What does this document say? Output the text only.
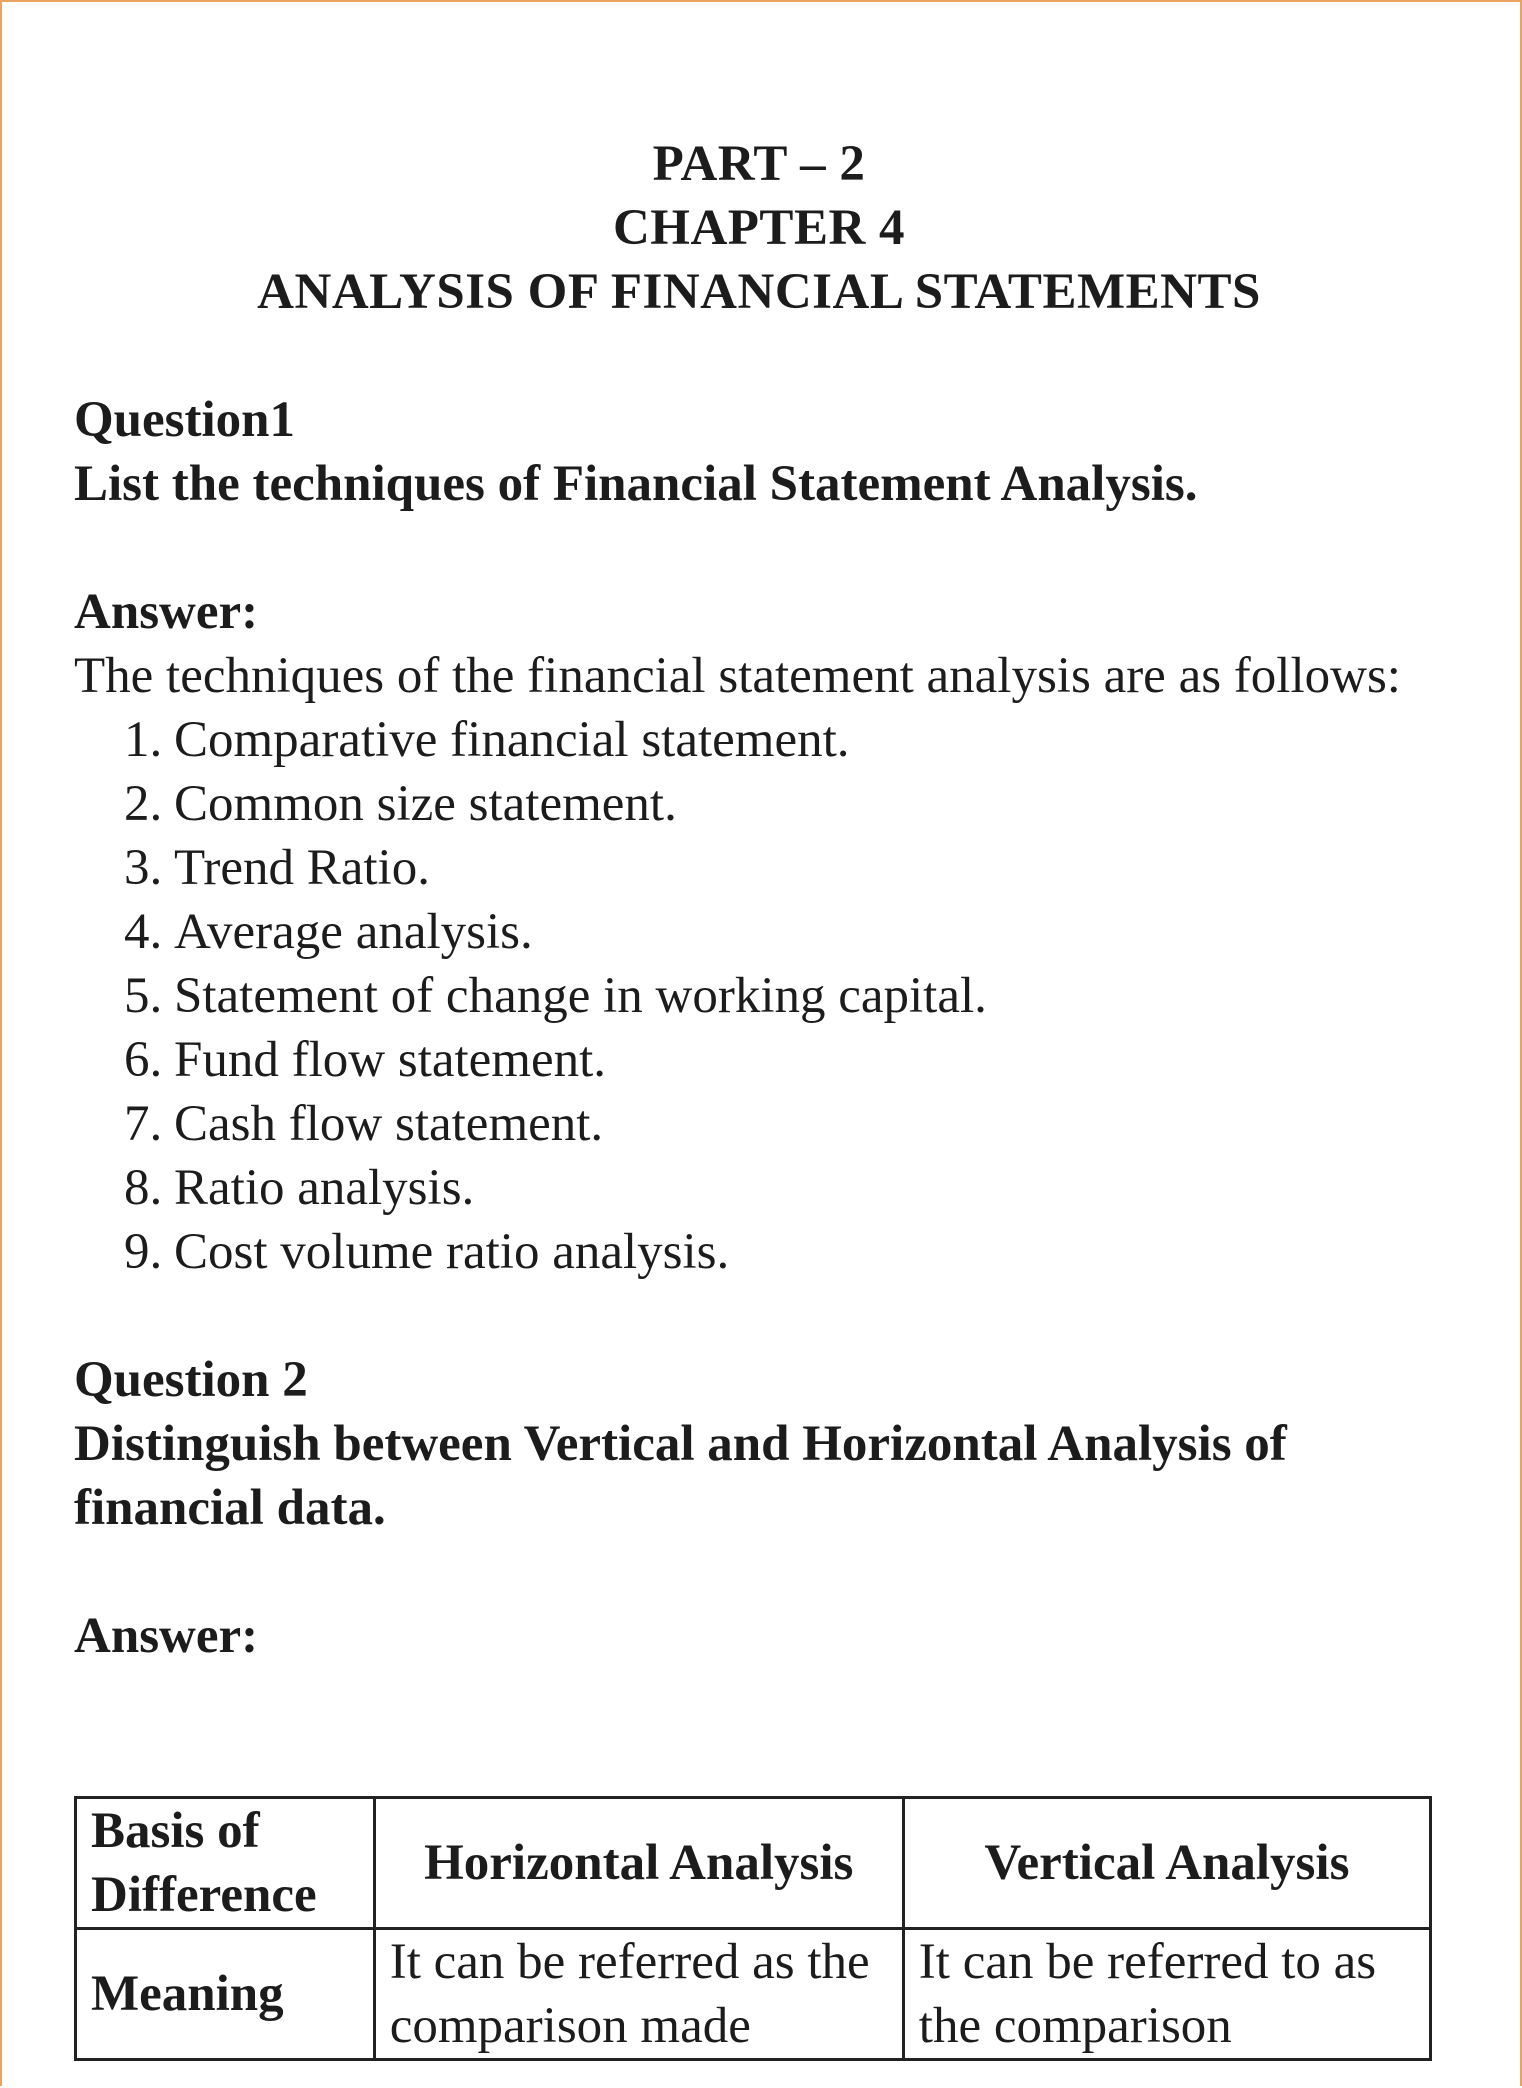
PART – 2
CHAPTER 4
ANALYSIS OF FINANCIAL STATEMENTS
Question1
List the techniques of Financial Statement Analysis.
Answer:
The techniques of the financial statement analysis are as follows:
1. Comparative financial statement.
2. Common size statement.
3. Trend Ratio.
4. Average analysis.
5. Statement of change in working capital.
6. Fund flow statement.
7. Cash flow statement.
8. Ratio analysis.
9. Cost volume ratio analysis.
Question 2
Distinguish between Vertical and Horizontal Analysis of financial data.
Answer:
Basis of Difference	Horizontal Analysis	Vertical Analysis
Meaning	It can be referred as the comparison made	It can be referred to as the comparison
